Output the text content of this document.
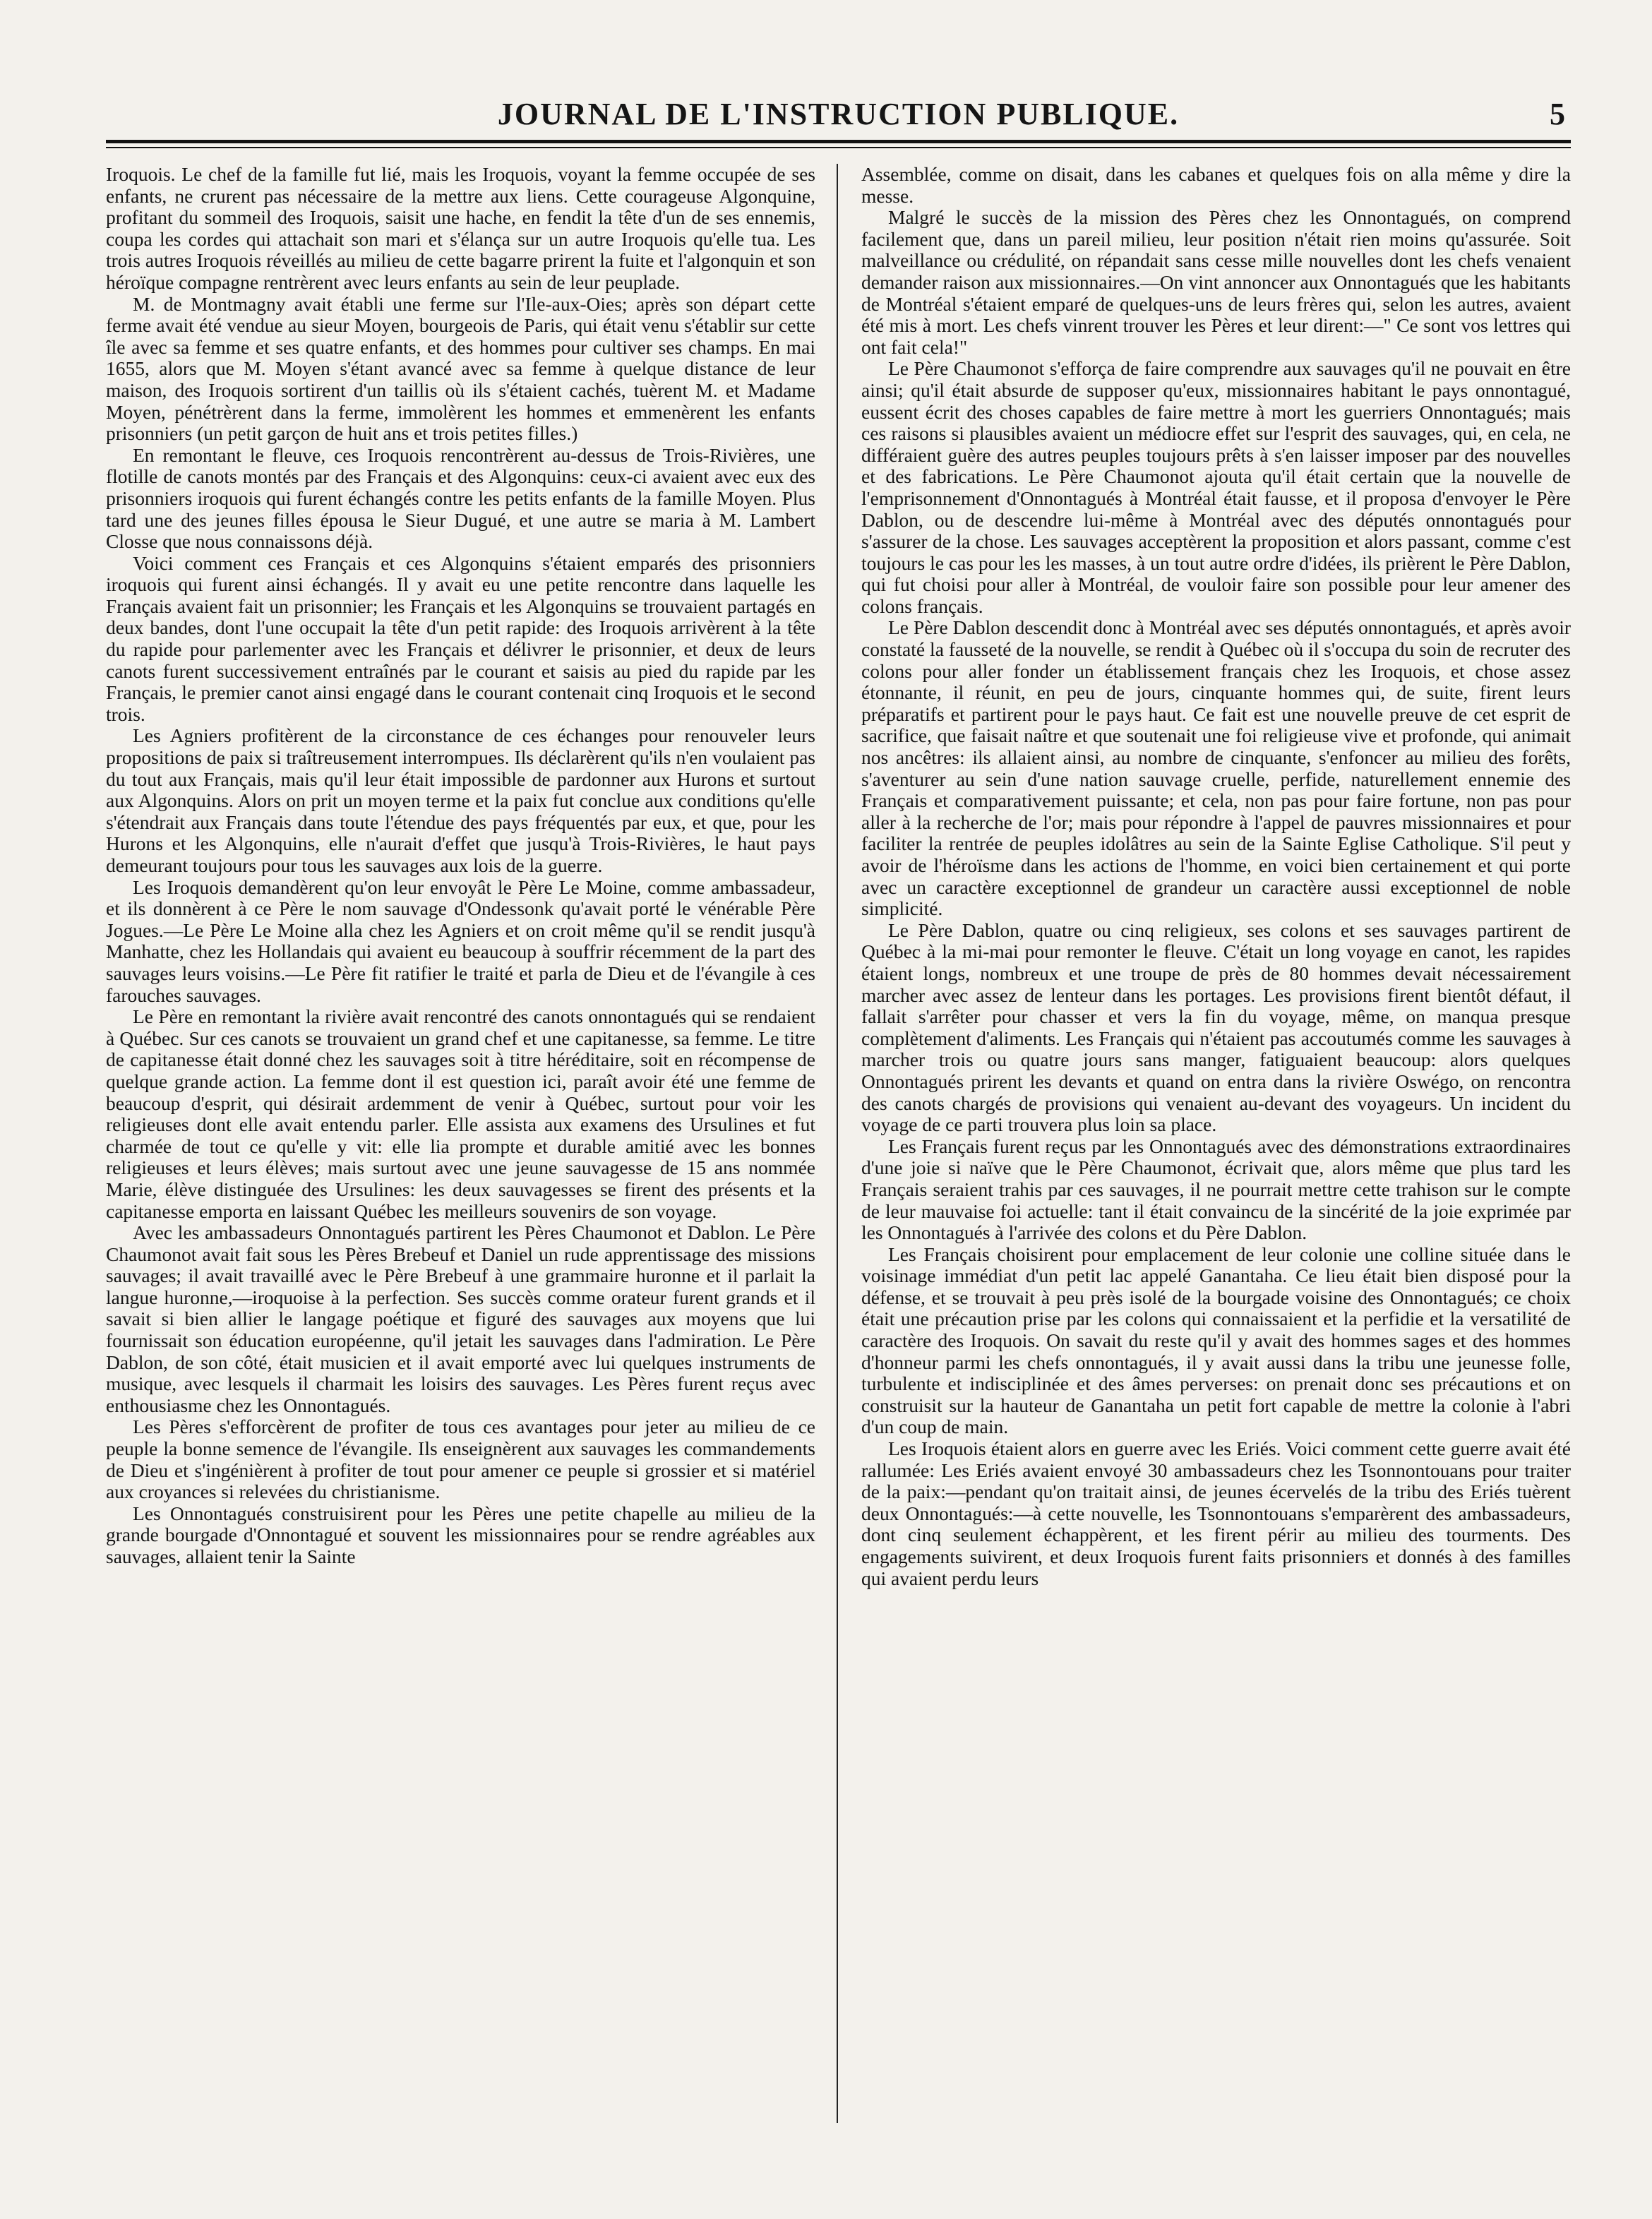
JOURNAL DE L'INSTRUCTION PUBLIQUE.	5

Iroquois. Le chef de la famille fut lié, mais les Iroquois, voyant la femme occupée de ses enfants, ne crurent pas nécessaire de la mettre aux liens. Cette courageuse Algonquine, profitant du sommeil des Iroquois, saisit une hache, en fendit la tête d'un de ses ennemis, coupa les cordes qui attachait son mari et s'élança sur un autre Iroquois qu'elle tua. Les trois autres Iroquois réveillés au milieu de cette bagarre prirent la fuite et l'algonquin et son héroïque compagne rentrèrent avec leurs enfants au sein de leur peuplade.

M. de Montmagny avait établi une ferme sur l'Ile-aux-Oies; après son départ cette ferme avait été vendue au sieur Moyen, bourgeois de Paris, qui était venu s'établir sur cette île avec sa femme et ses quatre enfants, et des hommes pour cultiver ses champs. En mai 1655, alors que M. Moyen s'étant avancé avec sa femme à quelque distance de leur maison, des Iroquois sortirent d'un taillis où ils s'étaient cachés, tuèrent M. et Madame Moyen, pénétrèrent dans la ferme, immolèrent les hommes et emmenèrent les enfants prisonniers (un petit garçon de huit ans et trois petites filles.)

En remontant le fleuve, ces Iroquois rencontrèrent au-dessus de Trois-Rivières, une flotille de canots montés par des Français et des Algonquins: ceux-ci avaient avec eux des prisonniers iroquois qui furent échangés contre les petits enfants de la famille Moyen. Plus tard une des jeunes filles épousa le Sieur Dugué, et une autre se maria à M. Lambert Closse que nous connaissons déjà.

Voici comment ces Français et ces Algonquins s'étaient emparés des prisonniers iroquois qui furent ainsi échangés. Il y avait eu une petite rencontre dans laquelle les Français avaient fait un prisonnier; les Français et les Algonquins se trouvaient partagés en deux bandes, dont l'une occupait la tête d'un petit rapide: des Iroquois arrivèrent à la tête du rapide pour parlementer avec les Français et délivrer le prisonnier, et deux de leurs canots furent successivement entraînés par le courant et saisis au pied du rapide par les Français, le premier canot ainsi engagé dans le courant contenait cinq Iroquois et le second trois.

Les Agniers profitèrent de la circonstance de ces échanges pour renouveler leurs propositions de paix si traîtreusement interrompues. Ils déclarèrent qu'ils n'en voulaient pas du tout aux Français, mais qu'il leur était impossible de pardonner aux Hurons et surtout aux Algonquins. Alors on prit un moyen terme et la paix fut conclue aux conditions qu'elle s'étendrait aux Français dans toute l'étendue des pays fréquentés par eux, et que, pour les Hurons et les Algonquins, elle n'aurait d'effet que jusqu'à Trois-Rivières, le haut pays demeurant toujours pour tous les sauvages aux lois de la guerre.

Les Iroquois demandèrent qu'on leur envoyât le Père Le Moine, comme ambassadeur, et ils donnèrent à ce Père le nom sauvage d'Ondessonk qu'avait porté le vénérable Père Jogues.—Le Père Le Moine alla chez les Agniers et on croit même qu'il se rendit jusqu'à Manhatte, chez les Hollandais qui avaient eu beaucoup à souffrir récemment de la part des sauvages leurs voisins.—Le Père fit ratifier le traité et parla de Dieu et de l'évangile à ces farouches sauvages.

Le Père en remontant la rivière avait rencontré des canots onnontagués qui se rendaient à Québec. Sur ces canots se trouvaient un grand chef et une capitanesse, sa femme. Le titre de capitanesse était donné chez les sauvages soit à titre héréditaire, soit en récompense de quelque grande action. La femme dont il est question ici, paraît avoir été une femme de beaucoup d'esprit, qui désirait ardemment de venir à Québec, surtout pour voir les religieuses dont elle avait entendu parler. Elle assista aux examens des Ursulines et fut charmée de tout ce qu'elle y vit: elle lia prompte et durable amitié avec les bonnes religieuses et leurs élèves; mais surtout avec une jeune sauvagesse de 15 ans nommée Marie, élève distinguée des Ursulines: les deux sauvagesses se firent des présents et la capitanesse emporta en laissant Québec les meilleurs souvenirs de son voyage.

Avec les ambassadeurs Onnontagués partirent les Pères Chaumonot et Dablon. Le Père Chaumonot avait fait sous les Pères Brebeuf et Daniel un rude apprentissage des missions sauvages; il avait travaillé avec le Père Brebeuf à une grammaire huronne et il parlait la langue huronne,—iroquoise à la perfection. Ses succès comme orateur furent grands et il savait si bien allier le langage poétique et figuré des sauvages aux moyens que lui fournissait son éducation européenne, qu'il jetait les sauvages dans l'admiration. Le Père Dablon, de son côté, était musicien et il avait emporté avec lui quelques instruments de musique, avec lesquels il charmait les loisirs des sauvages. Les Pères furent reçus avec enthousiasme chez les Onnontagués.

Les Pères s'efforcèrent de profiter de tous ces avantages pour jeter au milieu de ce peuple la bonne semence de l'évangile. Ils enseignèrent aux sauvages les commandements de Dieu et s'ingénièrent à profiter de tout pour amener ce peuple si grossier et si matériel aux croyances si relevées du christianisme.

Les Onnontagués construisirent pour les Pères une petite chapelle au milieu de la grande bourgade d'Onnontagué et souvent les missionnaires pour se rendre agréables aux sauvages, allaient tenir la Sainte

Assemblée, comme on disait, dans les cabanes et quelques fois on alla même y dire la messe.

Malgré le succès de la mission des Pères chez les Onnontagués, on comprend facilement que, dans un pareil milieu, leur position n'était rien moins qu'assurée. Soit malveillance ou crédulité, on répandait sans cesse mille nouvelles dont les chefs venaient demander raison aux missionnaires.—On vint annoncer aux Onnontagués que les habitants de Montréal s'étaient emparé de quelques-uns de leurs frères qui, selon les autres, avaient été mis à mort. Les chefs vinrent trouver les Pères et leur dirent:—" Ce sont vos lettres qui ont fait cela!"

Le Père Chaumonot s'efforça de faire comprendre aux sauvages qu'il ne pouvait en être ainsi; qu'il était absurde de supposer qu'eux, missionnaires habitant le pays onnontagué, eussent écrit des choses capables de faire mettre à mort les guerriers Onnontagués; mais ces raisons si plausibles avaient un médiocre effet sur l'esprit des sauvages, qui, en cela, ne différaient guère des autres peuples toujours prêts à s'en laisser imposer par des nouvelles et des fabrications. Le Père Chaumonot ajouta qu'il était certain que la nouvelle de l'emprisonnement d'Onnontagués à Montréal était fausse, et il proposa d'envoyer le Père Dablon, ou de descendre lui-même à Montréal avec des députés onnontagués pour s'assurer de la chose. Les sauvages acceptèrent la proposition et alors passant, comme c'est toujours le cas pour les les masses, à un tout autre ordre d'idées, ils prièrent le Père Dablon, qui fut choisi pour aller à Montréal, de vouloir faire son possible pour leur amener des colons français.

Le Père Dablon descendit donc à Montréal avec ses députés onnontagués, et après avoir constaté la fausseté de la nouvelle, se rendit à Québec où il s'occupa du soin de recruter des colons pour aller fonder un établissement français chez les Iroquois, et chose assez étonnante, il réunit, en peu de jours, cinquante hommes qui, de suite, firent leurs préparatifs et partirent pour le pays haut. Ce fait est une nouvelle preuve de cet esprit de sacrifice, que faisait naître et que soutenait une foi religieuse vive et profonde, qui animait nos ancêtres: ils allaient ainsi, au nombre de cinquante, s'enfoncer au milieu des forêts, s'aventurer au sein d'une nation sauvage cruelle, perfide, naturellement ennemie des Français et comparativement puissante; et cela, non pas pour faire fortune, non pas pour aller à la recherche de l'or; mais pour répondre à l'appel de pauvres missionnaires et pour faciliter la rentrée de peuples idolâtres au sein de la Sainte Eglise Catholique. S'il peut y avoir de l'héroïsme dans les actions de l'homme, en voici bien certainement et qui porte avec un caractère exceptionnel de grandeur un caractère aussi exceptionnel de noble simplicité.

Le Père Dablon, quatre ou cinq religieux, ses colons et ses sauvages partirent de Québec à la mi-mai pour remonter le fleuve. C'était un long voyage en canot, les rapides étaient longs, nombreux et une troupe de près de 80 hommes devait nécessairement marcher avec assez de lenteur dans les portages. Les provisions firent bientôt défaut, il fallait s'arrêter pour chasser et vers la fin du voyage, même, on manqua presque complètement d'aliments. Les Français qui n'étaient pas accoutumés comme les sauvages à marcher trois ou quatre jours sans manger, fatiguaient beaucoup: alors quelques Onnontagués prirent les devants et quand on entra dans la rivière Oswégo, on rencontra des canots chargés de provisions qui venaient au-devant des voyageurs. Un incident du voyage de ce parti trouvera plus loin sa place.

Les Français furent reçus par les Onnontagués avec des démonstrations extraordinaires d'une joie si naïve que le Père Chaumonot, écrivait que, alors même que plus tard les Français seraient trahis par ces sauvages, il ne pourrait mettre cette trahison sur le compte de leur mauvaise foi actuelle: tant il était convaincu de la sincérité de la joie exprimée par les Onnontagués à l'arrivée des colons et du Père Dablon.

Les Français choisirent pour emplacement de leur colonie une colline située dans le voisinage immédiat d'un petit lac appelé Ganantaha. Ce lieu était bien disposé pour la défense, et se trouvait à peu près isolé de la bourgade voisine des Onnontagués; ce choix était une précaution prise par les colons qui connaissaient et la perfidie et la versatilité de caractère des Iroquois. On savait du reste qu'il y avait des hommes sages et des hommes d'honneur parmi les chefs onnontagués, il y avait aussi dans la tribu une jeunesse folle, turbulente et indisciplinée et des âmes perverses: on prenait donc ses précautions et on construisit sur la hauteur de Ganantaha un petit fort capable de mettre la colonie à l'abri d'un coup de main.

Les Iroquois étaient alors en guerre avec les Eriés. Voici comment cette guerre avait été rallumée: Les Eriés avaient envoyé 30 ambassadeurs chez les Tsonnontouans pour traiter de la paix:—pendant qu'on traitait ainsi, de jeunes écervelés de la tribu des Eriés tuèrent deux Onnontagués:—à cette nouvelle, les Tsonnontouans s'emparèrent des ambassadeurs, dont cinq seulement échappèrent, et les firent périr au milieu des tourments. Des engagements suivirent, et deux Iroquois furent faits prisonniers et donnés à des familles qui avaient perdu leurs
